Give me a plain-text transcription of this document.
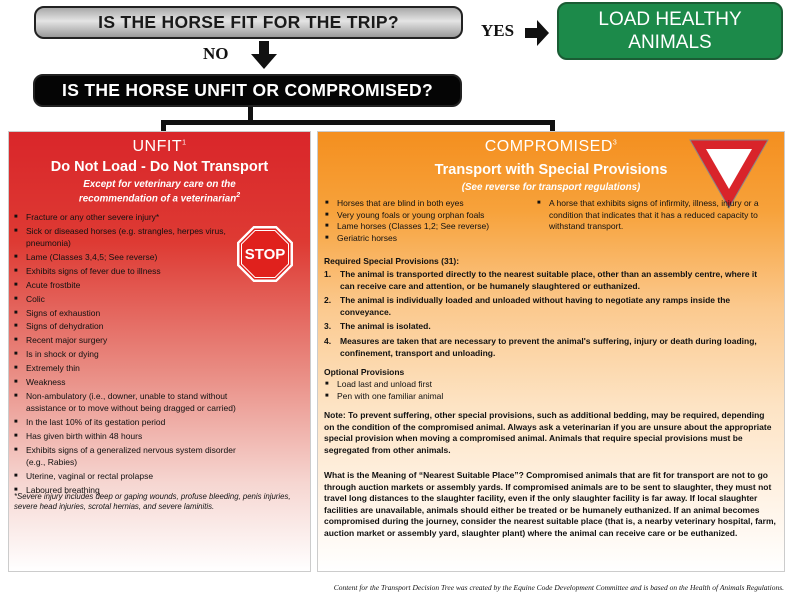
IS THE HORSE FIT FOR THE TRIP?	YES
LOAD HEALTHY ANIMALS
NO
IS THE HORSE UNFIT OR COMPROMISED?
UNFIT$^1$
Do Not Load - Do Not Transport
Except for veterinary care on the recommendation of a veterinarian$^2$
STOP
■ Fracture or any other severe injury*
■ Sick or diseased horses (e.g. strangles, herpes virus, pneumonia)
■ Lame (Classes 3,4,5; See reverse)
■ Exhibits signs of fever due to illness
■ Acute frostbite
■ Colic
■ Signs of exhaustion
■ Signs of dehydration
■ Recent major surgery
■ Is in shock or dying
■ Extremely thin
■ Weakness
■ Non-ambulatory (i.e., downer, unable to stand without assistance or to move without being dragged or carried)
■ In the last 10% of its gestation period
■ Has given birth within 48 hours
■ Exhibits signs of a generalized nervous system disorder (e.g., Rabies)
■ Uterine, vaginal or rectal prolapse
■ Laboured breathing
*Severe injury includes deep or gaping wounds, profuse bleeding, penis injuries, severe head injuries, scrotal hernias, and severe laminitis.
COMPROMISED$^3$
Transport with Special Provisions
(See reverse for transport regulations)
■ Horses that are blind in both eyes
■ Very young foals or young orphan foals
■ Lame horses (Classes 1,2; See reverse)
■ Geriatric horses
■ A horse that exhibits signs of infirmity, illness, injury or a condition that indicates that it has a reduced capacity to withstand transport.
Required Special Provisions (31):
1. The animal is transported directly to the nearest suitable place, other than an assembly centre, where it can receive care and attention, or be humanely slaughtered or euthanized.
2. The animal is individually loaded and unloaded without having to negotiate any ramps inside the conveyance.
3. The animal is isolated.
4. Measures are taken that are necessary to prevent the animal's suffering, injury or death during loading, confinement, transport and unloading.
Optional Provisions
■ Load last and unload first
■ Pen with one familiar animal
Note: To prevent suffering, other special provisions, such as additional bedding, may be required, depending on the condition of the compromised animal. Always ask a veterinarian if you are unsure about the appropriate special provision when moving a compromised animal. Animals that require special provisions must be segregated from other animals.
What is the Meaning of “Nearest Suitable Place”? Compromised animals that are fit for transport are not to go through auction markets or assembly yards. If compromised animals are to be sent to slaughter, they must not travel long distances to the slaughter facility, even if the only slaughter facility is far away. If local slaughter facilities are unavailable, animals should either be treated or be humanely euthanized. If an animal becomes compromised during the journey, consider the nearest suitable place (that is, a nearby veterinary hospital, farm, auction market or assembly yard, slaughter plant) where the animal can receive care or be euthanized.
Content for the Transport Decision Tree was created by the Equine Code Development Committee and is based on the Health of Animals Regulations.
